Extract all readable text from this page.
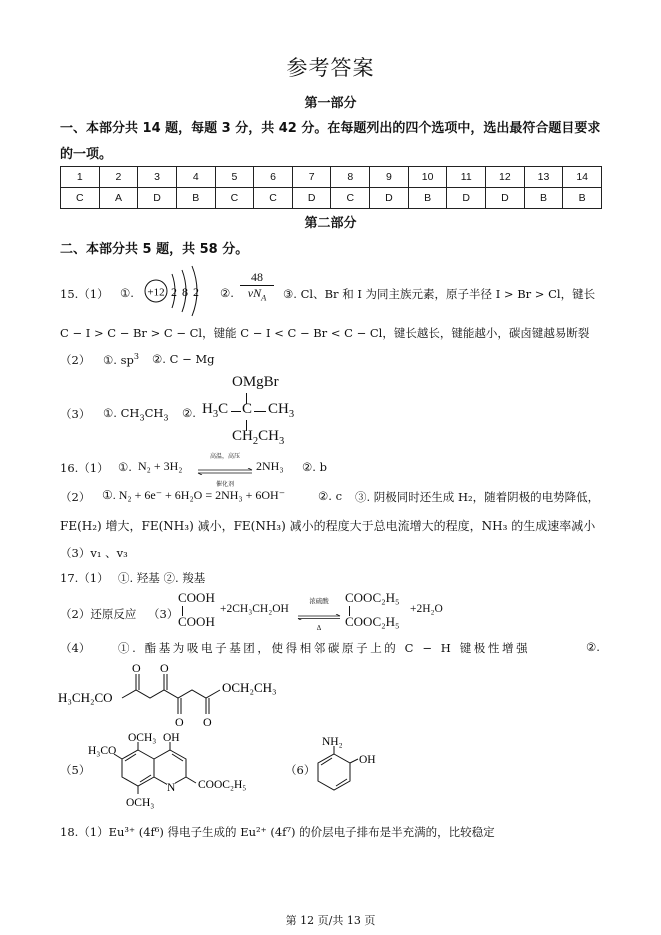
参考答案
第一部分
一、本部分共 14 题，每题 3 分，共 42 分。在每题列出的四个选项中，选出最符合题目要求
的一项。
1	2	3	4	5	6	7	8	9	10	11	12	13	14
C	A	D	B	C	C	D	C	D	B	D	D	B	B
第二部分
二、本部分共 5 题，共 58 分。
15.（1） ①. +12 2 8 2 ②.
48
$vN_A$	③. Cl、Br 和 I 为同主族元素，原子半径 I > Br > Cl，键长
C − I > C − Br > C − Cl，键能 C − I < C − Br < C − Cl，键长越长，键能越小，碳卤键越易断裂
（2） ①. $sp^3$ ②. C − Mg
（3） ①. $CH_3CH_3$ ②.
OMgBr
$H_3C$ C $CH_3$
$CH_2CH_3$
16.（1） ①. N₂ + 3H₂
高温，高压
催化剂
2NH₃ ②. b
（2） ①. N₂ + 6e⁻ + 6H₂O = 2NH₃ + 6OH⁻	②. c ③. 阴极同时还生成 H₂，随着阴极的电势降低，
FE(H₂) 增大，FE(NH₃) 减小，FE(NH₃) 减小的程度大于总电流增大的程度，NH₃ 的生成速率减小
（3）v₁ 、v₃
17.（1） ①. 羟基 ②. 羧基
（2）还原反应 （3）
COOH
COOH
+2CH₃CH₂OH
浓硫酸
Δ
COOC₂H₅
COOC₂H₅
+2H₂O
（4） ①. 酯基为吸电子基团，使得相邻碳原子上的 C − H 键极性增强	②.
H₃CH₂CO
O O
O O
OCH₂CH₃
（5）
OCH₃ OH
H₃CO
N COOC₂H₅
OCH₃
（6）
NH₂
OH
18.（1）Eu³⁺ (4f⁶) 得电子生成的 Eu²⁺ (4f⁷) 的价层电子排布是半充满的，比较稳定
第 12 页/共 13 页
